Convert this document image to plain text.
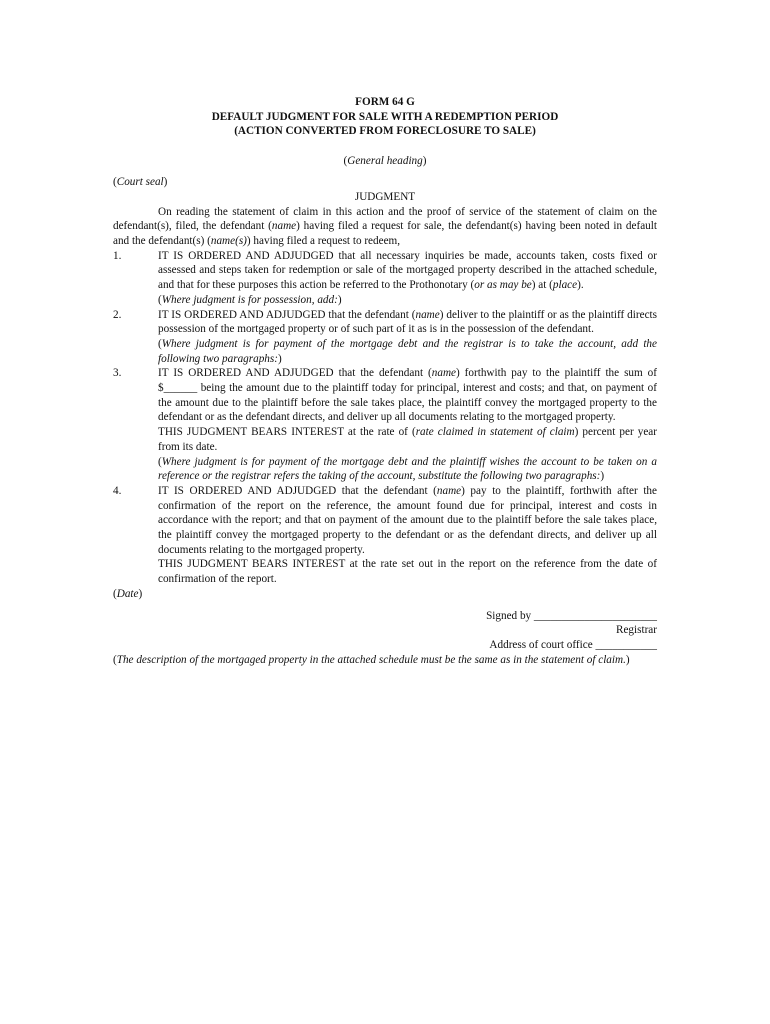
FORM 64 G
DEFAULT JUDGMENT FOR SALE WITH A REDEMPTION PERIOD
(ACTION CONVERTED FROM FORECLOSURE TO SALE)
(General heading)
(Court seal)
JUDGMENT
On reading the statement of claim in this action and the proof of service of the statement of claim on the defendant(s), filed, the defendant (name) having filed a request for sale, the defendant(s) having been noted in default and the defendant(s) (name(s)) having filed a request to redeem,
1.	IT IS ORDERED AND ADJUDGED that all necessary inquiries be made, accounts taken, costs fixed or assessed and steps taken for redemption or sale of the mortgaged property described in the attached schedule, and that for these purposes this action be referred to the Prothonotary (or as may be) at (place).
(Where judgment is for possession, add:)
2.	IT IS ORDERED AND ADJUDGED that the defendant (name) deliver to the plaintiff or as the plaintiff directs possession of the mortgaged property or of such part of it as is in the possession of the defendant.
(Where judgment is for payment of the mortgage debt and the registrar is to take the account, add the following two paragraphs:)
3.	IT IS ORDERED AND ADJUDGED that the defendant (name) forthwith pay to the plaintiff the sum of $______ being the amount due to the plaintiff today for principal, interest and costs; and that, on payment of the amount due to the plaintiff before the sale takes place, the plaintiff convey the mortgaged property to the defendant or as the defendant directs, and deliver up all documents relating to the mortgaged property.
THIS JUDGMENT BEARS INTEREST at the rate of (rate claimed in statement of claim) percent per year from its date.
(Where judgment is for payment of the mortgage debt and the plaintiff wishes the account to be taken on a reference or the registrar refers the taking of the account, substitute the following two paragraphs:)
4.	IT IS ORDERED AND ADJUDGED that the defendant (name) pay to the plaintiff, forthwith after the confirmation of the report on the reference, the amount found due for principal, interest and costs in accordance with the report; and that on payment of the amount due to the plaintiff before the sale takes place, the plaintiff convey the mortgaged property to the defendant or as the defendant directs, and deliver up all documents relating to the mortgaged property.
THIS JUDGMENT BEARS INTEREST at the rate set out in the report on the reference from the date of confirmation of the report.
(Date)
Signed by ______________________
Registrar
Address of court office ___________
(The description of the mortgaged property in the attached schedule must be the same as in the statement of claim.)
